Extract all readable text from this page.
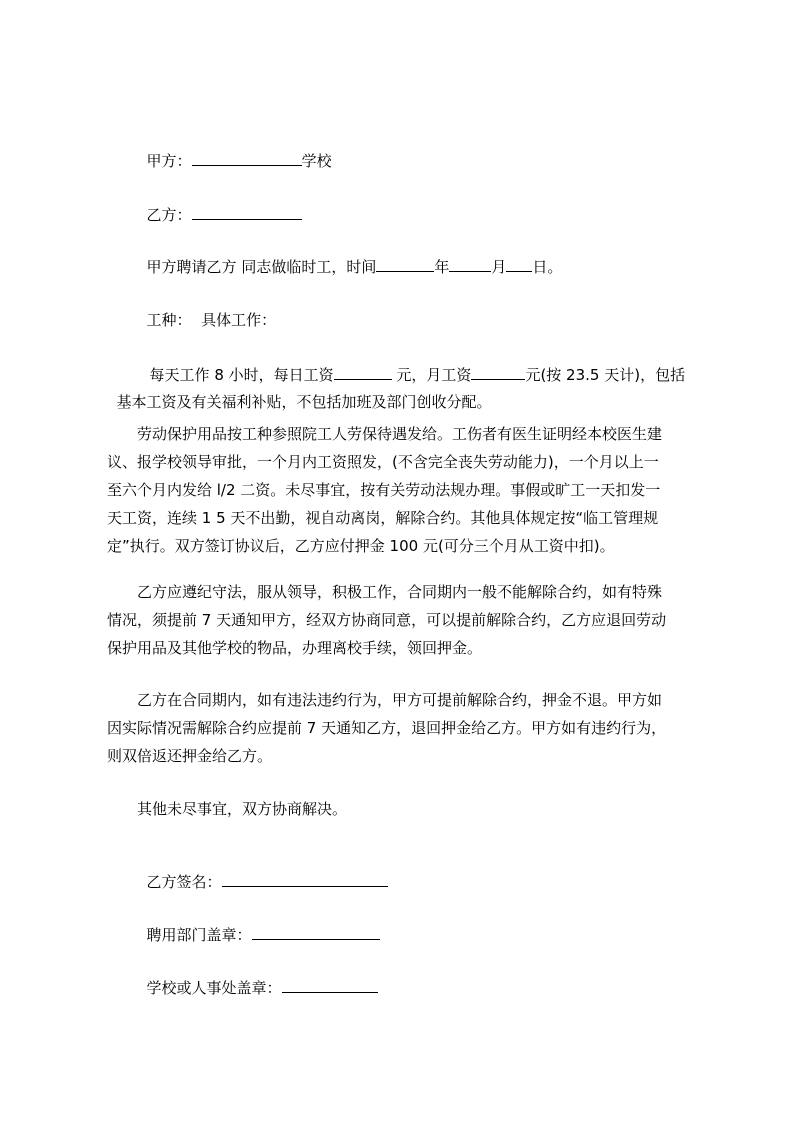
甲方：	学校

乙方：

甲方聘请乙方 同志做临时工，时间	年	月 日。

工种：  具体工作：

每天工作 8 小时，每日工资	元，月工资	元(按 23.5 天计)，包括

基本工资及有关福利补贴，不包括加班及部门创收分配。

劳动保护用品按工种参照院工人劳保待遇发给。工伤者有医生证明经本校医生建
议、报学校领导审批，一个月内工资照发，(不含完全丧失劳动能力)，一个月以上一
至六个月内发给 l/2 二资。未尽事宜，按有关劳动法规办理。事假或旷工一天扣发一
天工资，连续 1 5 天不出勤，视自动离岗，解除合约。其他具体规定按“临工管理规
定”执行。双方签订协议后，乙方应付押金 100 元(可分三个月从工资中扣)。
乙方应遵纪守法，服从领导，积极工作，合同期内一般不能解除合约，如有特殊
情况，须提前 7 天通知甲方，经双方协商同意，可以提前解除合约，乙方应退回劳动
保护用品及其他学校的物品，办理离校手续，领回押金。
乙方在合同期内，如有违法违约行为，甲方可提前解除合约，押金不退。甲方如
因实际情况需解除合约应提前 7 天通知乙方，退回押金给乙方。甲方如有违约行为，
则双倍返还押金给乙方。
其他未尽事宜，双方协商解决。

乙方签名：

聘用部门盖章：

学校或人事处盖章：
